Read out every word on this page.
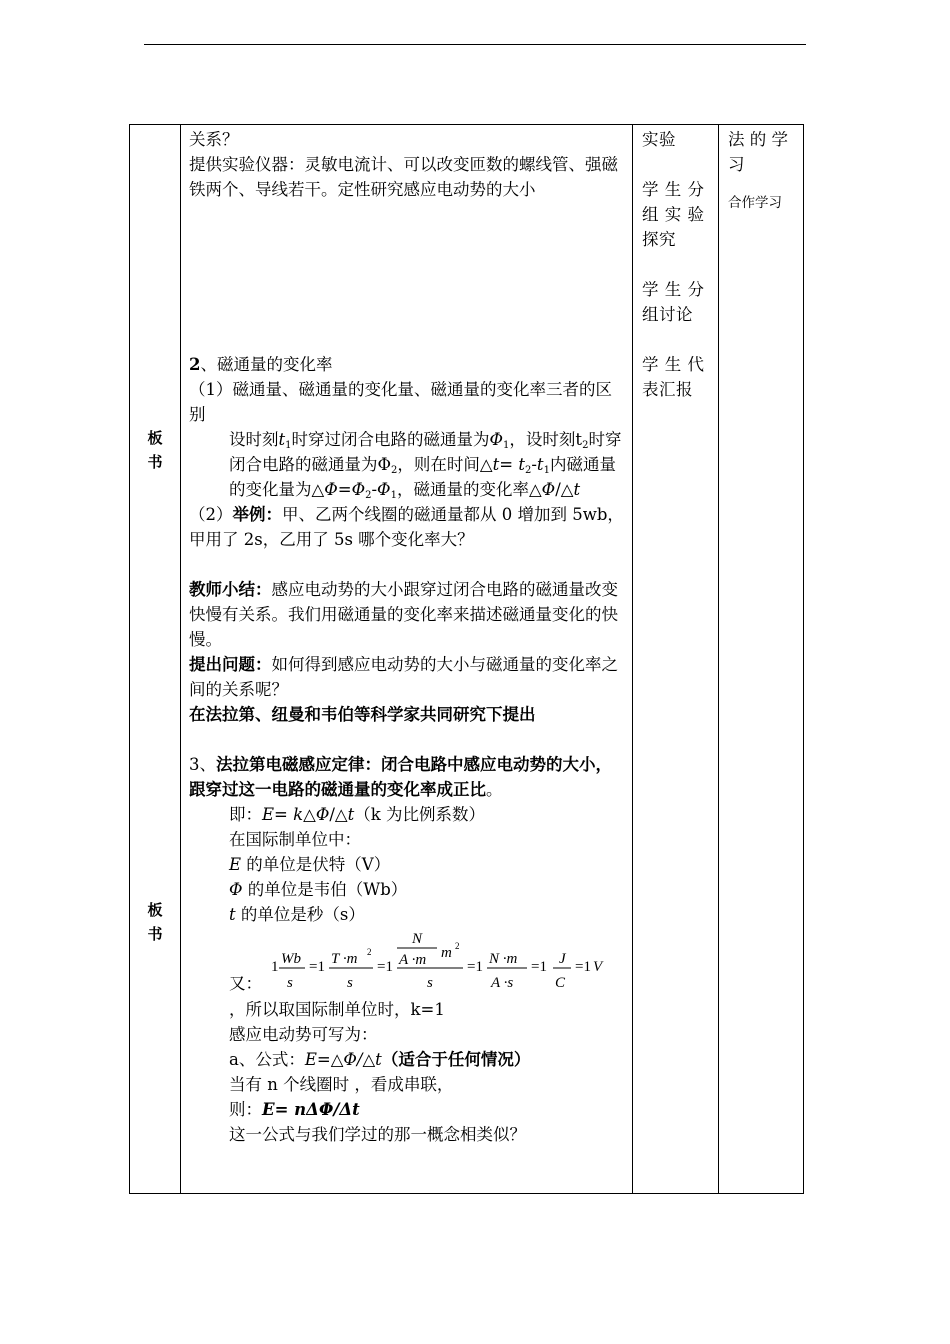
板
书
板
书

关系？

提供实验仪器：灵敏电流计、可以改变匝数的螺线管、强磁铁两个、导线若干。定性研究感应电动势的大小

2、磁通量的变化率

（1）磁通量、磁通量的变化量、磁通量的变化率三者的区别

设时刻$t_1$时穿过闭合电路的磁通量为$\Phi_1$，设时刻$t_2$时穿闭合电路的磁通量为$\Phi_2$，则在时间△t= $t_2-t_1$内磁通量的变化量为$\triangle\Phi=\Phi_2-\Phi_1$，磁通量的变化率△Φ/△t

（2）举例：甲、乙两个线圈的磁通量都从 0 增加到 5wb，甲用了 2s，乙用了 5s 哪个变化率大？

教师小结：感应电动势的大小跟穿过闭合电路的磁通量改变快慢有关系。我们用磁通量的变化率来描述磁通量变化的快慢。

提出问题：如何得到感应电动势的大小与磁通量的变化率之间的关系呢？

在法拉第、纽曼和韦伯等科学家共同研究下提出

3、法拉第电磁感应定律：闭合电路中感应电动势的大小，跟穿过这一电路的磁通量的变化率成正比。

即：E= k△Φ/△t（k 为比例系数）

在国际制单位中：

E 的单位是伏特（V）

Φ 的单位是韦伯（Wb）

t 的单位是秒（s）

又：
1 Wb
s
=1 T ·m 2
s
=1
N
A ·m m 2
s
=1 N ·m
A ·s
=1 J
C
=1 V

，所以取国际制单位时，k=1

感应电动势可写为：

a、公式：E=△Φ/△t（适合于任何情况）

当有 n 个线圈时 ，看成串联，

则：E= nΔΦ/Δt

这一公式与我们学过的那一概念相类似？

实验

学 生 分组 实 验探究

学 生 分组讨论

学 生 代表汇报

法 的 学习

合作学习
